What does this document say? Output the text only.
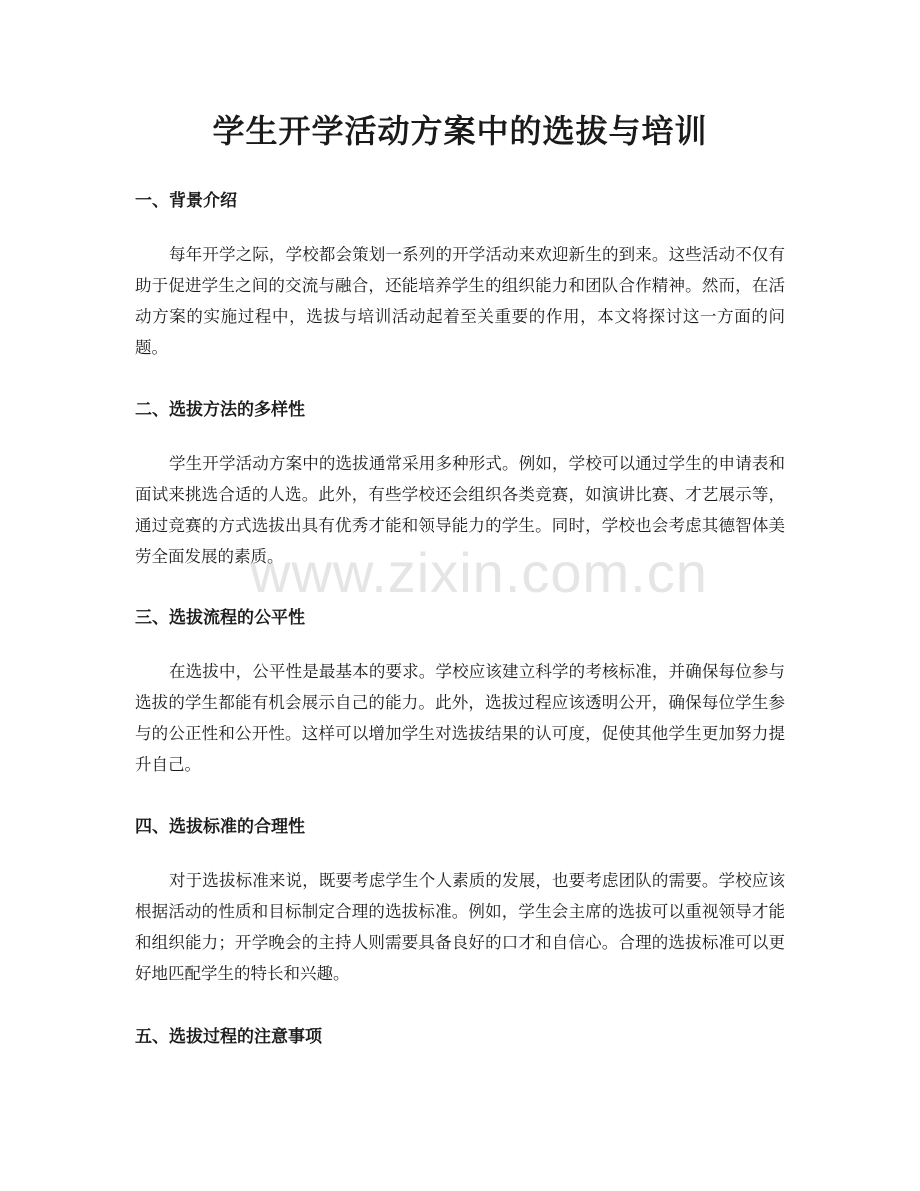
学生开学活动方案中的选拔与培训
一、背景介绍

每年开学之际，学校都会策划一系列的开学活动来欢迎新生的到来。这些活动不仅有助于促进学生之间的交流与融合，还能培养学生的组织能力和团队合作精神。然而，在活动方案的实施过程中，选拔与培训活动起着至关重要的作用，本文将探讨这一方面的问题。

二、选拔方法的多样性

学生开学活动方案中的选拔通常采用多种形式。例如，学校可以通过学生的申请表和面试来挑选合适的人选。此外，有些学校还会组织各类竞赛，如演讲比赛、才艺展示等，通过竞赛的方式选拔出具有优秀才能和领导能力的学生。同时，学校也会考虑其德智体美劳全面发展的素质。

三、选拔流程的公平性

在选拔中，公平性是最基本的要求。学校应该建立科学的考核标准，并确保每位参与选拔的学生都能有机会展示自己的能力。此外，选拔过程应该透明公开，确保每位学生参与的公正性和公开性。这样可以增加学生对选拔结果的认可度，促使其他学生更加努力提升自己。

四、选拔标准的合理性

对于选拔标准来说，既要考虑学生个人素质的发展，也要考虑团队的需要。学校应该根据活动的性质和目标制定合理的选拔标准。例如，学生会主席的选拔可以重视领导才能和组织能力；开学晚会的主持人则需要具备良好的口才和自信心。合理的选拔标准可以更好地匹配学生的特长和兴趣。

五、选拔过程的注意事项
www.zixin.com.cn
